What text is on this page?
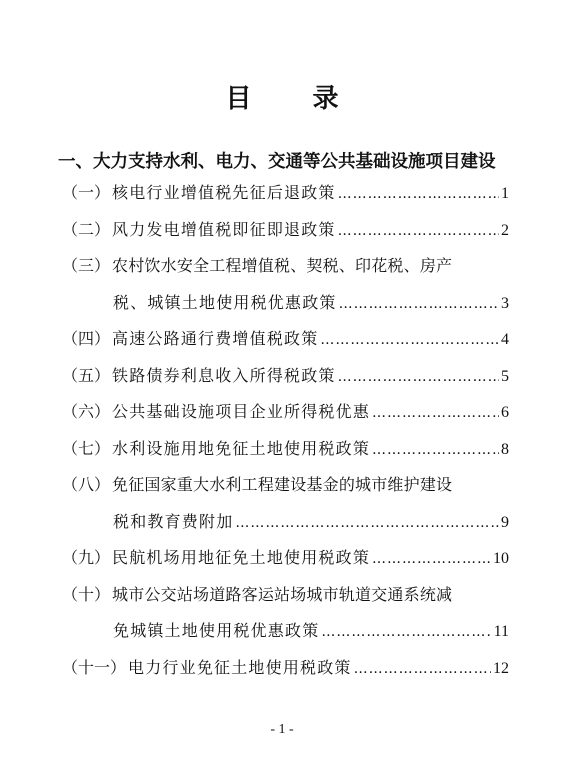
目 录
一、大力支持水利、电力、交通等公共基础设施项目建设
（一） 核电行业增值税先征后退政策 ……………………………………………………………………………………………………	1
（二） 风力发电增值税即征即退政策 ……………………………………………………………………………………………………	2
（三） 农村饮水安全工程增值税、契税、印花税、房产
税、城镇土地使用税优惠政策 ……………………………………………………………………………………………………	3
（四） 高速公路通行费增值税政策 ……………………………………………………………………………………………………	4
（五） 铁路债券利息收入所得税政策 ……………………………………………………………………………………………………	5
（六） 公共基础设施项目企业所得税优惠 ……………………………………………………………………………………………………	6
（七） 水利设施用地免征土地使用税政策 ……………………………………………………………………………………………………	8
（八） 免征国家重大水利工程建设基金的城市维护建设
税和教育费附加 ……………………………………………………………………………………………………	9
（九） 民航机场用地征免土地使用税政策 ……………………………………………………………………………………………………	10
（十） 城市公交站场道路客运站场城市轨道交通系统减
免城镇土地使用税优惠政策 ……………………………………………………………………………………………………	11
（十一） 电力行业免征土地使用税政策 ……………………………………………………………………………………………………	12
- 1 -
